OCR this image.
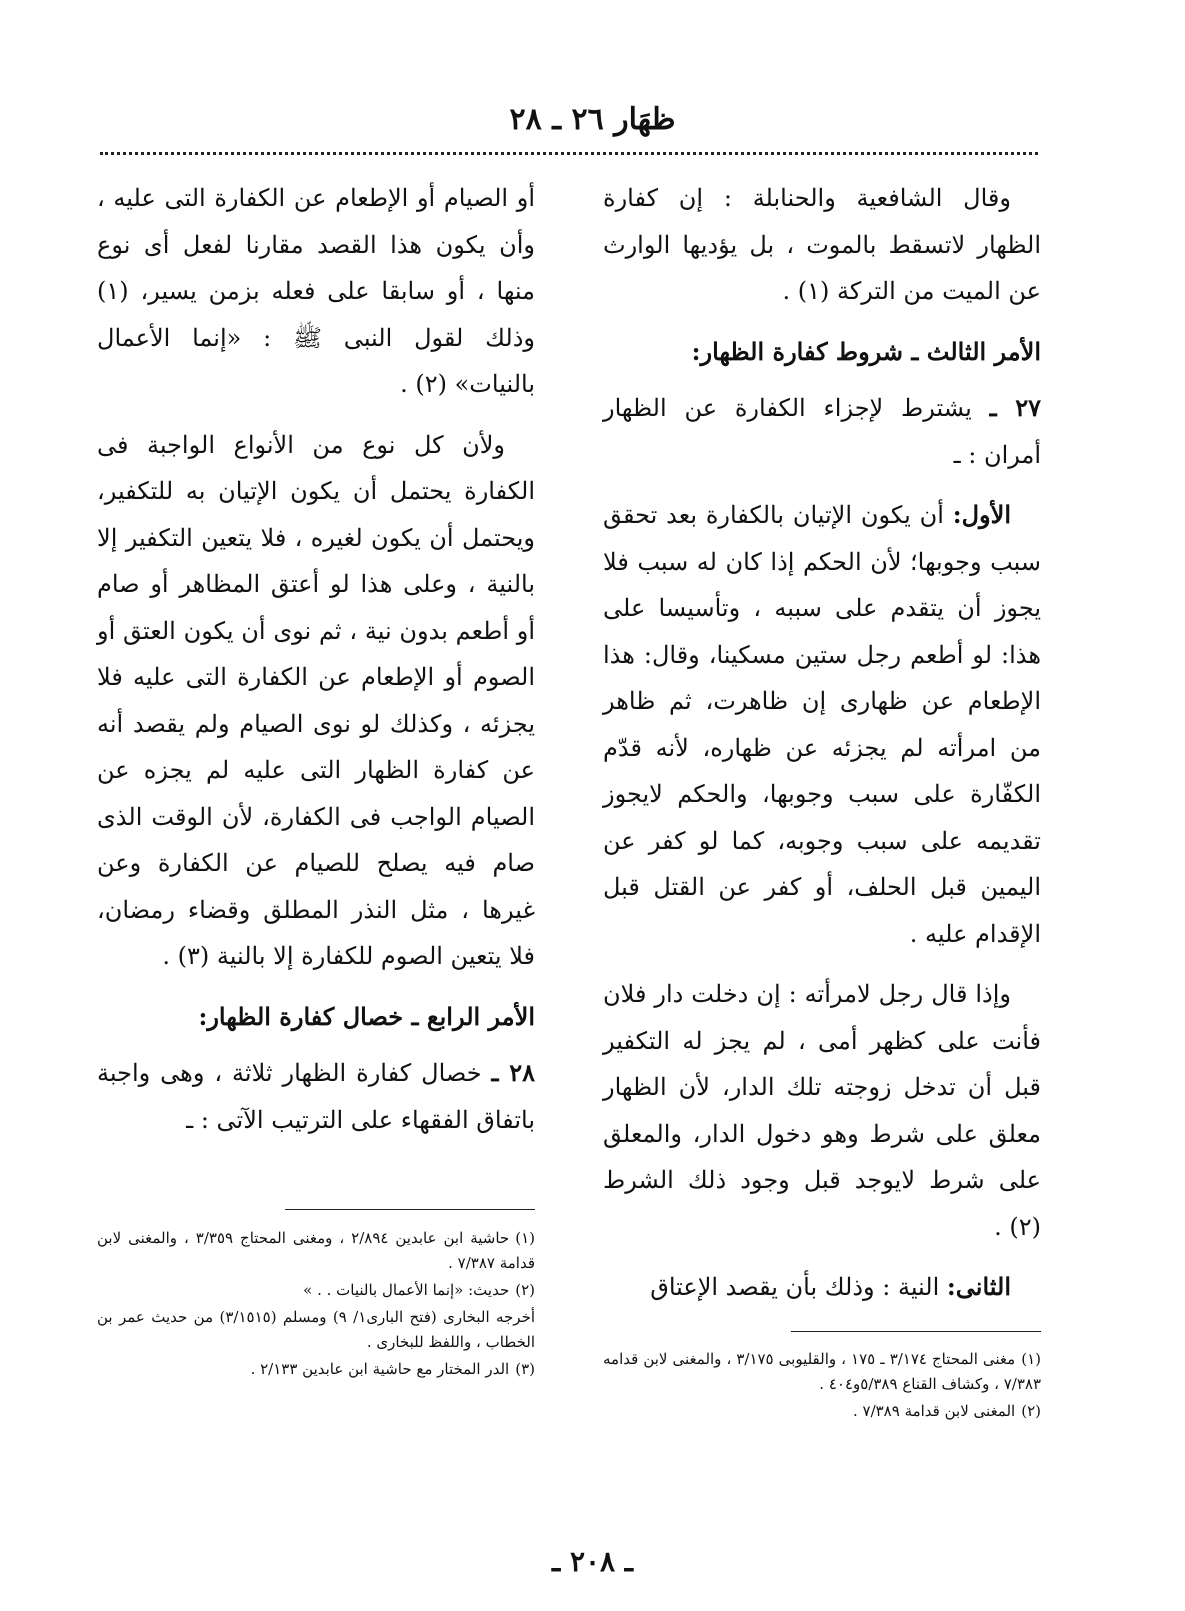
ظهَار ٢٦ ـ ٢٨

وقال الشافعية والحنابلة : إن كفارة الظهار لاتسقط بالموت ، بل يؤديها الوارث عن الميت من التركة (١) .

الأمر الثالث ـ شروط كفارة الظهار:

٢٧ ـ يشترط لإجزاء الكفارة عن الظهار أمران : ـ

الأول: أن يكون الإتيان بالكفارة بعد تحقق سبب وجوبها؛ لأن الحكم إذا كان له سبب فلا يجوز أن يتقدم على سببه ، وتأسيسا على هذا: لو أطعم رجل ستين مسكينا، وقال: هذا الإطعام عن ظهارى إن ظاهرت، ثم ظاهر من امرأته لم يجزئه عن ظهاره، لأنه قدّم الكفّارة على سبب وجوبها، والحكم لايجوز تقديمه على سبب وجوبه، كما لو كفر عن اليمين قبل الحلف، أو كفر عن القتل قبل الإقدام عليه .

وإذا قال رجل لامرأته : إن دخلت دار فلان فأنت على كظهر أمى ، لم يجز له التكفير قبل أن تدخل زوجته تلك الدار، لأن الظهار معلق على شرط وهو دخول الدار، والمعلق على شرط لايوجد قبل وجود ذلك الشرط (٢) .

الثانى: النية : وذلك بأن يقصد الإعتاق

أو الصيام أو الإطعام عن الكفارة التى عليه ، وأن يكون هذا القصد مقارنا لفعل أى نوع منها ، أو سابقا على فعله بزمن يسير، (١) وذلك لقول النبى ﷺ : «إنما الأعمال بالنيات» (٢) .

ولأن كل نوع من الأنواع الواجبة فى الكفارة يحتمل أن يكون الإتيان به للتكفير، ويحتمل أن يكون لغيره ، فلا يتعين التكفير إلا بالنية ، وعلى هذا لو أعتق المظاهر أو صام أو أطعم بدون نية ، ثم نوى أن يكون العتق أو الصوم أو الإطعام عن الكفارة التى عليه فلا يجزئه ، وكذلك لو نوى الصيام ولم يقصد أنه عن كفارة الظهار التى عليه لم يجزه عن الصيام الواجب فى الكفارة، لأن الوقت الذى صام فيه يصلح للصيام عن الكفارة وعن غيرها ، مثل النذر المطلق وقضاء رمضان، فلا يتعين الصوم للكفارة إلا بالنية (٣) .

الأمر الرابع ـ خصال كفارة الظهار:

٢٨ ـ خصال كفارة الظهار ثلاثة ، وهى واجبة باتفاق الفقهاء على الترتيب الآتى : ـ

(١)مغنى المحتاج ٣/١٧٤ ـ ١٧٥ ، والقليوبى ٣/١٧٥ ، والمغنى لابن قدامه ٧/٣٨٣ ، وكشاف القناع ٥/٣٨٩و٤٠٤ .
(٢)المغنى لابن قدامة ٧/٣٨٩ .
(١)حاشية ابن عابدين ٢/٨٩٤ ، ومغنى المحتاج ٣/٣٥٩ ، والمغنى لابن قدامة ٧/٣٨٧ .
(٢)حديث: «إنما الأعمال بالنيات . . »
أخرجه البخارى (فتح البارى١/ ٩) ومسلم (٣/١٥١٥) من حديث عمر بن الخطاب ، واللفظ للبخارى .
(٣)الدر المختار مع حاشية ابن عابدين ٢/١٣٣ .
ـ ٢٠٨ ـ
